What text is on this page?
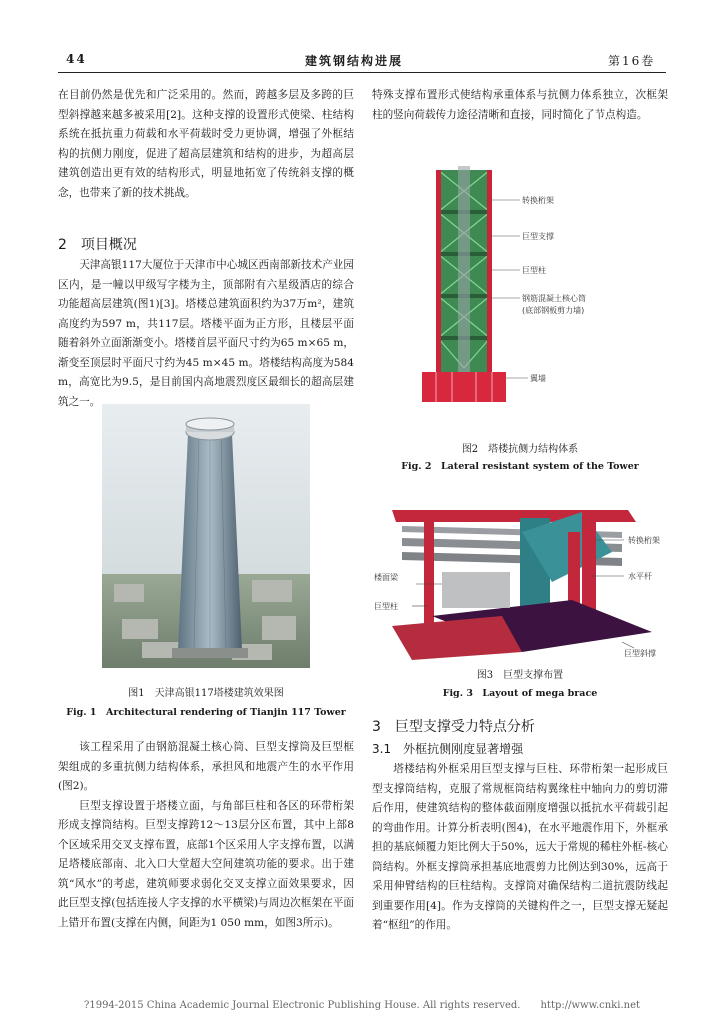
44	建筑钢结构进展	第16卷

在目前仍然是优先和广泛采用的。然而，跨越多层及多跨的巨型斜撑越来越多被采用[2]。这种支撑的设置形式使梁、柱结构系统在抵抗重力荷载和水平荷载时受力更协调，增强了外框结构的抗侧力刚度，促进了超高层建筑和结构的进步，为超高层建筑创造出更有效的结构形式，明显地拓宽了传统斜支撑的概念，也带来了新的技术挑战。

2　项目概况

天津高银117大厦位于天津市中心城区西南部新技术产业园区内，是一幢以甲级写字楼为主，顶部附有六星级酒店的综合功能超高层建筑(图1)[3]。塔楼总建筑面积约为37万m²，建筑高度约为597 m，共117层。塔楼平面为正方形，且楼层平面随着斜外立面渐渐变小。塔楼首层平面尺寸约为65 m×65 m，渐变至顶层时平面尺寸约为45 m×45 m。塔楼结构高度为584 m，高宽比为9.5，是目前国内高地震烈度区最细长的超高层建筑之一。

图1　天津高银117塔楼建筑效果图
Fig. 1　Architectural rendering of Tianjin 117 Tower

该工程采用了由钢筋混凝土核心筒、巨型支撑筒及巨型框架组成的多重抗侧力结构体系，承担风和地震产生的水平作用(图2)。

巨型支撑设置于塔楼立面，与角部巨柱和各区的环带桁架形成支撑筒结构。巨型支撑跨12～13层分区布置，其中上部8个区域采用交叉支撑布置，底部1个区采用人字支撑布置，以满足塔楼底部南、北入口大堂超大空间建筑功能的要求。出于建筑“风水”的考虑，建筑师要求弱化交叉支撑立面效果要求，因此巨型支撑(包括连接人字支撑的水平横梁)与周边次框架在平面上错开布置(支撑在内侧，间距为1 050 mm，如图3所示)。

特殊支撑布置形式使结构承重体系与抗侧力体系独立，次框架柱的竖向荷载传力途径清晰和直接，同时简化了节点构造。

转换桁架
巨型支撑
巨型柱
钢筋混凝土核心筒
(底部钢板剪力墙)
翼墙
图2　塔楼抗侧力结构体系
Fig. 2　Lateral resistant system of the Tower
转换桁架
楼面梁	水平杆
巨型柱
巨型斜撑
图3　巨型支撑布置
Fig. 3　Layout of mega brace
3　巨型支撑受力特点分析
3.1　外框抗侧刚度显著增强

塔楼结构外框采用巨型支撑与巨柱、环带桁架一起形成巨型支撑筒结构，克服了常规框筒结构翼缘柱中轴向力的剪切滞后作用，使建筑结构的整体截面刚度增强以抵抗水平荷载引起的弯曲作用。计算分析表明(图4)，在水平地震作用下，外框承担的基底倾覆力矩比例大于50%，远大于常规的稀柱外框-核心筒结构。外框支撑筒承担基底地震剪力比例达到30%，远高于采用伸臂结构的巨柱结构。支撑筒对确保结构二道抗震防线起到重要作用[4]。作为支撑筒的关键构件之一，巨型支撑无疑起着“枢纽”的作用。

?1994-2015 China Academic Journal Electronic Publishing House. All rights reserved.　　http://www.cnki.net
